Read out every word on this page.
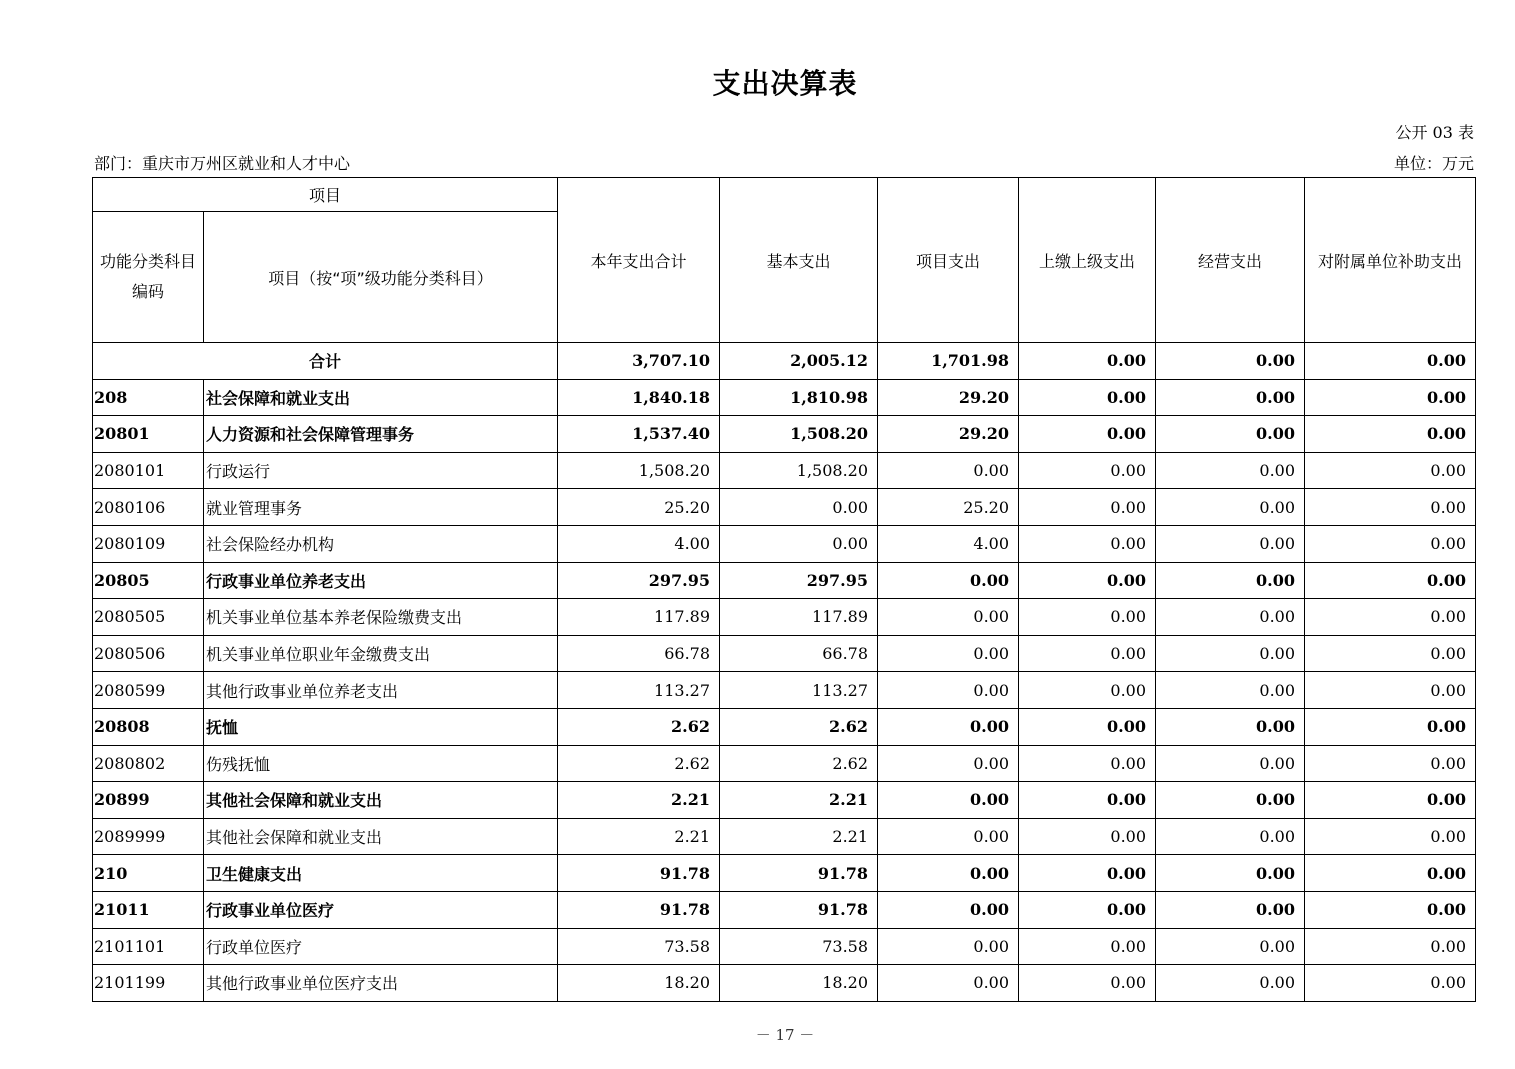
支出决算表
公开 03 表
部门：重庆市万州区就业和人才中心	单位：万元
项目		本年支出合计	基本支出	项目支出	上缴上级支出	经营支出	对附属单位补助支出
功能分类科目编码	项目（按“项”级功能分类科目）						
合计		3,707.10	2,005.12	1,701.98	0.00	0.00	0.00
208	社会保障和就业支出	1,840.18	1,810.98	29.20	0.00	0.00	0.00
20801	人力资源和社会保障管理事务	1,537.40	1,508.20	29.20	0.00	0.00	0.00
2080101	行政运行	1,508.20	1,508.20	0.00	0.00	0.00	0.00
2080106	就业管理事务	25.20	0.00	25.20	0.00	0.00	0.00
2080109	社会保险经办机构	4.00	0.00	4.00	0.00	0.00	0.00
20805	行政事业单位养老支出	297.95	297.95	0.00	0.00	0.00	0.00
2080505	机关事业单位基本养老保险缴费支出	117.89	117.89	0.00	0.00	0.00	0.00
2080506	机关事业单位职业年金缴费支出	66.78	66.78	0.00	0.00	0.00	0.00
2080599	其他行政事业单位养老支出	113.27	113.27	0.00	0.00	0.00	0.00
20808	抚恤	2.62	2.62	0.00	0.00	0.00	0.00
2080802	伤残抚恤	2.62	2.62	0.00	0.00	0.00	0.00
20899	其他社会保障和就业支出	2.21	2.21	0.00	0.00	0.00	0.00
2089999	其他社会保障和就业支出	2.21	2.21	0.00	0.00	0.00	0.00
210	卫生健康支出	91.78	91.78	0.00	0.00	0.00	0.00
21011	行政事业单位医疗	91.78	91.78	0.00	0.00	0.00	0.00
2101101	行政单位医疗	73.58	73.58	0.00	0.00	0.00	0.00
2101199	其他行政事业单位医疗支出	18.20	18.20	0.00	0.00	0.00	0.00
－ 17 －
